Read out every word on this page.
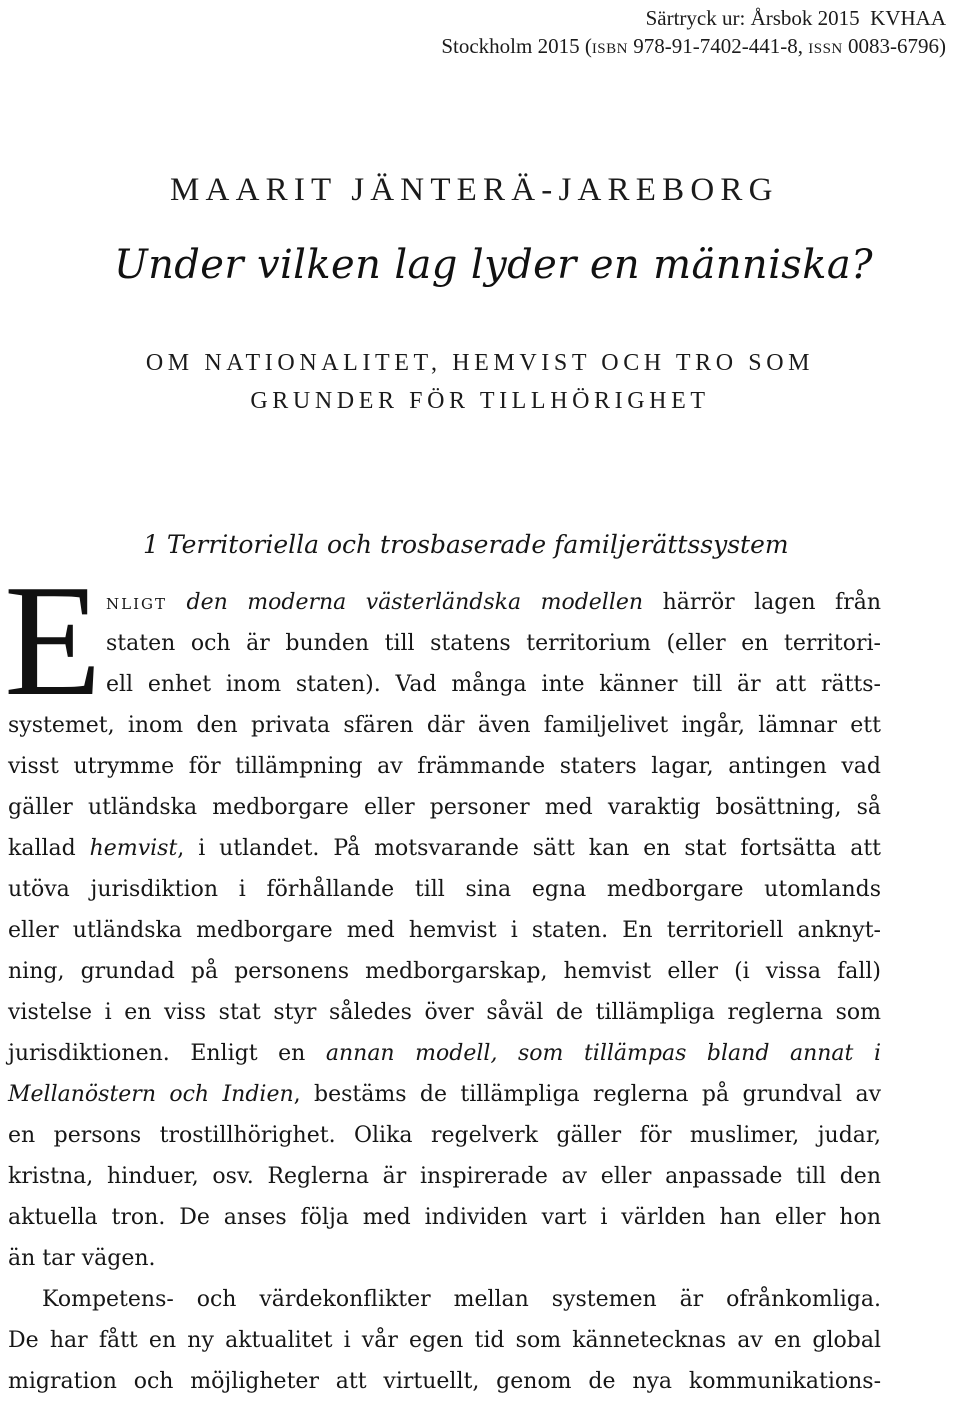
Särtryck ur: Årsbok 2015 KVHAA
Stockholm 2015 (isbn 978-91-7402-441-8, issn 0083-6796)
MAARIT JÄNTERÄ-JAREBORG
Under vilken lag lyder en människa?
OM NATIONALITET, HEMVIST OCH TRO SOM
GRUNDER FÖR TILLHÖRIGHET
1 Territoriella och trosbaserade familjerättssystem
E nligt den moderna västerländska modellen härrör lagen från
staten och är bunden till statens territorium (eller en territori-
ell enhet inom staten). Vad många inte känner till är att rätts-
systemet, inom den privata sfären där även familjelivet ingår, lämnar ett
visst utrymme för tillämpning av främmande staters lagar, antingen vad
gäller utländska medborgare eller personer med varaktig bosättning, så
kallad hemvist, i utlandet. På motsvarande sätt kan en stat fortsätta att
utöva jurisdiktion i förhållande till sina egna medborgare utomlands
eller utländska medborgare med hemvist i staten. En territoriell anknyt-
ning, grundad på personens medborgarskap, hemvist eller (i vissa fall)
vistelse i en viss stat styr således över såväl de tillämpliga reglerna som
jurisdiktionen. Enligt en annan modell, som tillämpas bland annat i
Mellanöstern och Indien, bestäms de tillämpliga reglerna på grundval av
en persons trostillhörighet. Olika regelverk gäller för muslimer, judar,
kristna, hinduer, osv. Reglerna är inspirerade av eller anpassade till den
aktuella tron. De anses följa med individen vart i världen han eller hon
än tar vägen.
Kompetens- och värdekonflikter mellan systemen är ofrånkomliga.
De har fått en ny aktualitet i vår egen tid som kännetecknas av en global
migration och möjligheter att virtuellt, genom de nya kommunikations-
